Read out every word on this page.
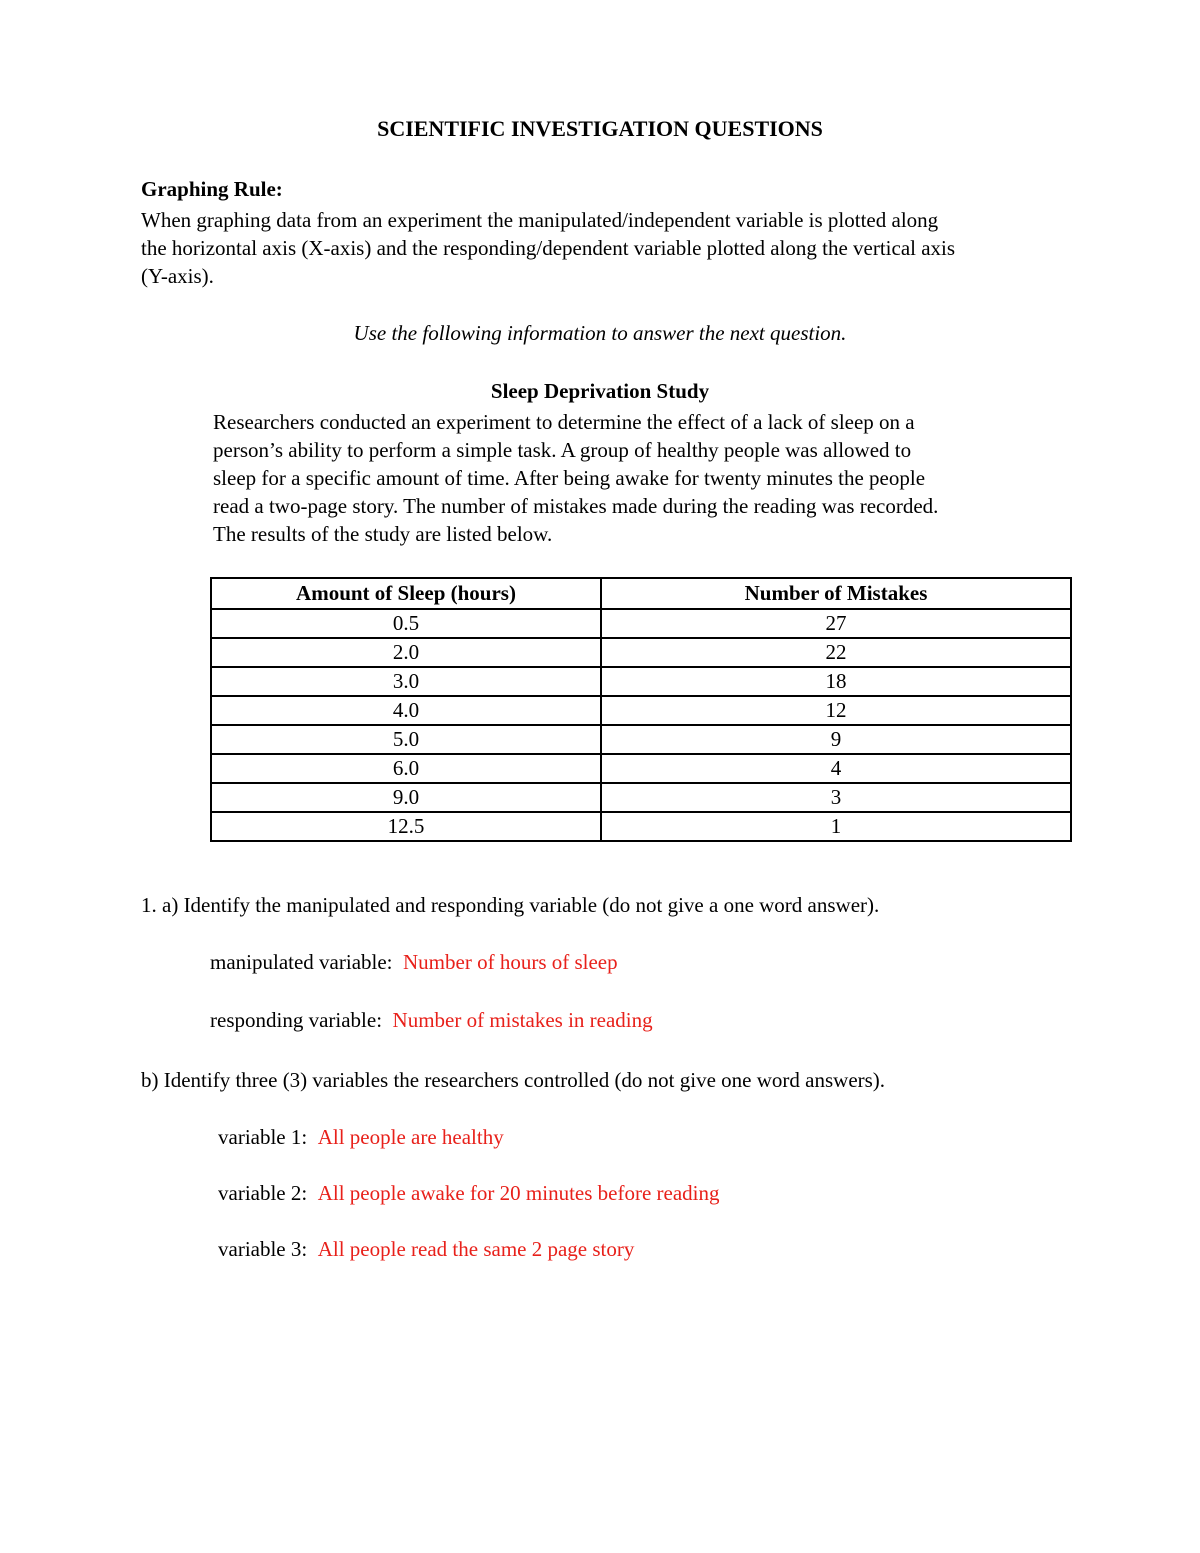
SCIENTIFIC INVESTIGATION QUESTIONS
Graphing Rule:
When graphing data from an experiment the manipulated/independent variable is plotted along
the horizontal axis (X-axis) and the responding/dependent variable plotted along the vertical axis
(Y-axis).
Use the following information to answer the next question.
Sleep Deprivation Study
Researchers conducted an experiment to determine the effect of a lack of sleep on a
person’s ability to perform a simple task. A group of healthy people was allowed to
sleep for a specific amount of time. After being awake for twenty minutes the people
read a two-page story. The number of mistakes made during the reading was recorded.
The results of the study are listed below.
Amount of Sleep (hours)	Number of Mistakes
0.5	27
2.0	22
3.0	18
4.0	12
5.0	9
6.0	4
9.0	3
12.5	1
1. a) Identify the manipulated and responding variable (do not give a one word answer).
manipulated variable: Number of hours of sleep
responding variable: Number of mistakes in reading
b) Identify three (3) variables the researchers controlled (do not give one word answers).
variable 1: All people are healthy
variable 2: All people awake for 20 minutes before reading
variable 3: All people read the same 2 page story
